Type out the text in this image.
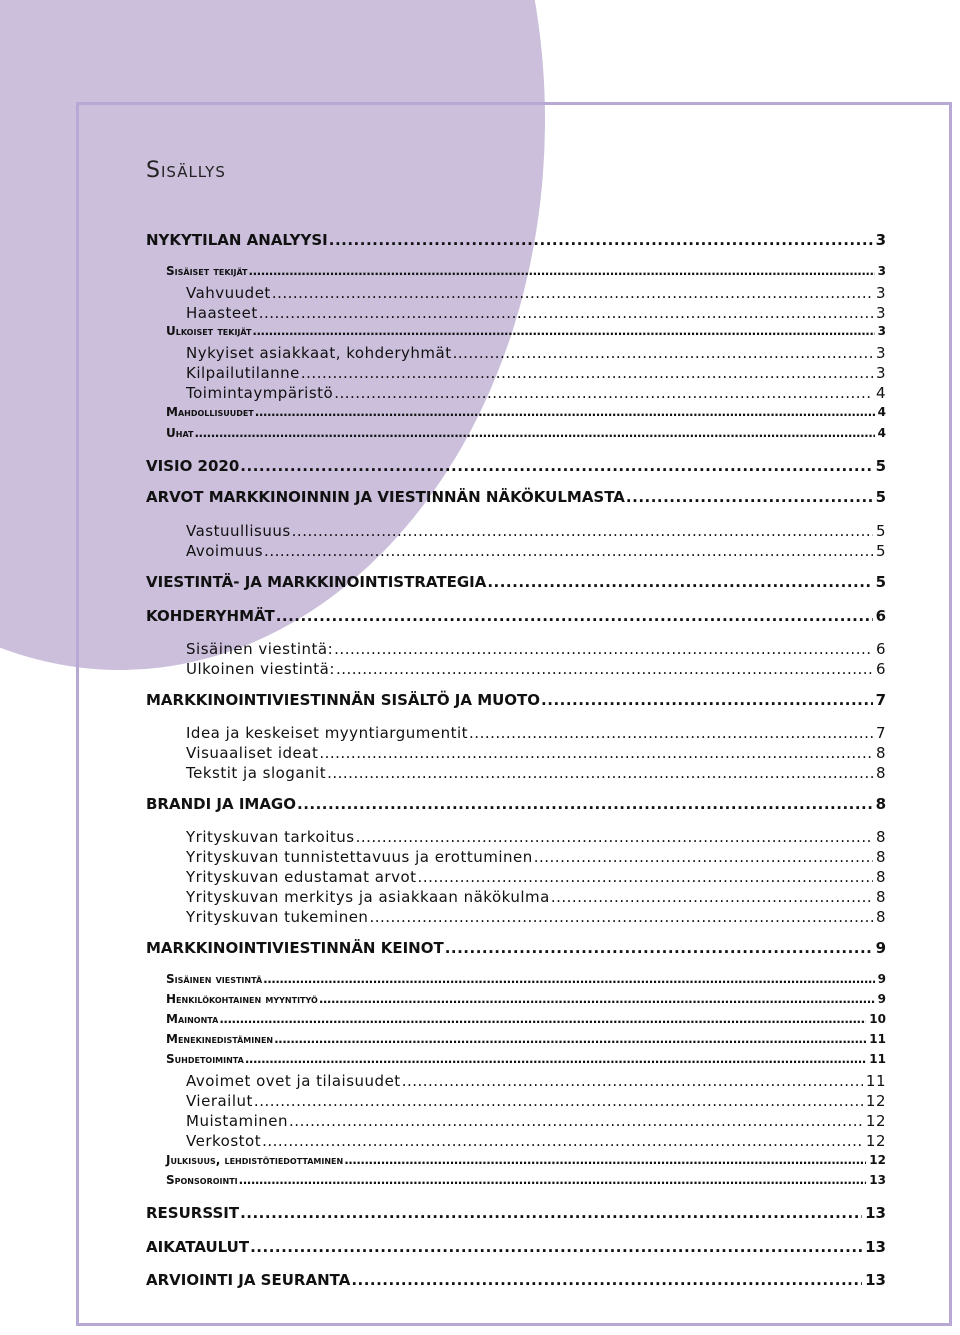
Sisällys
NYKYTILAN ANALYYSI .....	3
Sisäiset tekijät .....	3
Vahvuudet .....	3
Haasteet .....	3
Ulkoiset tekijät .....	3
Nykyiset asiakkaat, kohderyhmät .....	3
Kilpailutilanne .....	3
Toimintaympäristö .....	4
Mahdollisuudet .....	4
Uhat .....	4
VISIO 2020 .....	5
ARVOT MARKKINOINNIN JA VIESTINNÄN NÄKÖKULMASTA .....	5
Vastuullisuus .....	5
Avoimuus .....	5
VIESTINTÄ- JA MARKKINOINTISTRATEGIA .....	5
KOHDERYHMÄT .....	6
Sisäinen viestintä: .....	6
Ulkoinen viestintä: .....	6
MARKKINOINTIVIESTINNÄN SISÄLTÖ JA MUOTO .....	7
Idea ja keskeiset myyntiargumentit .....	7
Visuaaliset ideat .....	8
Tekstit ja sloganit .....	8
BRANDI JA IMAGO .....	8
Yrityskuvan tarkoitus .....	8
Yrityskuvan tunnistettavuus ja erottuminen .....	8
Yrityskuvan edustamat arvot .....	8
Yrityskuvan merkitys ja asiakkaan näkökulma .....	8
Yrityskuvan tukeminen .....	8
MARKKINOINTIVIESTINNÄN KEINOT .....	9
Sisäinen viestintä .....	9
Henkilökohtainen myyntityö .....	9
Mainonta .....	10
Menekinedistäminen .....	11
Suhdetoiminta .....	11
Avoimet ovet ja tilaisuudet .....	11
Vierailut .....	12
Muistaminen .....	12
Verkostot .....	12
Julkisuus, lehdistötiedottaminen .....	12
Sponsorointi .....	13
RESURSSIT .....	13
AIKATAULUT .....	13
ARVIOINTI JA SEURANTA .....	13
